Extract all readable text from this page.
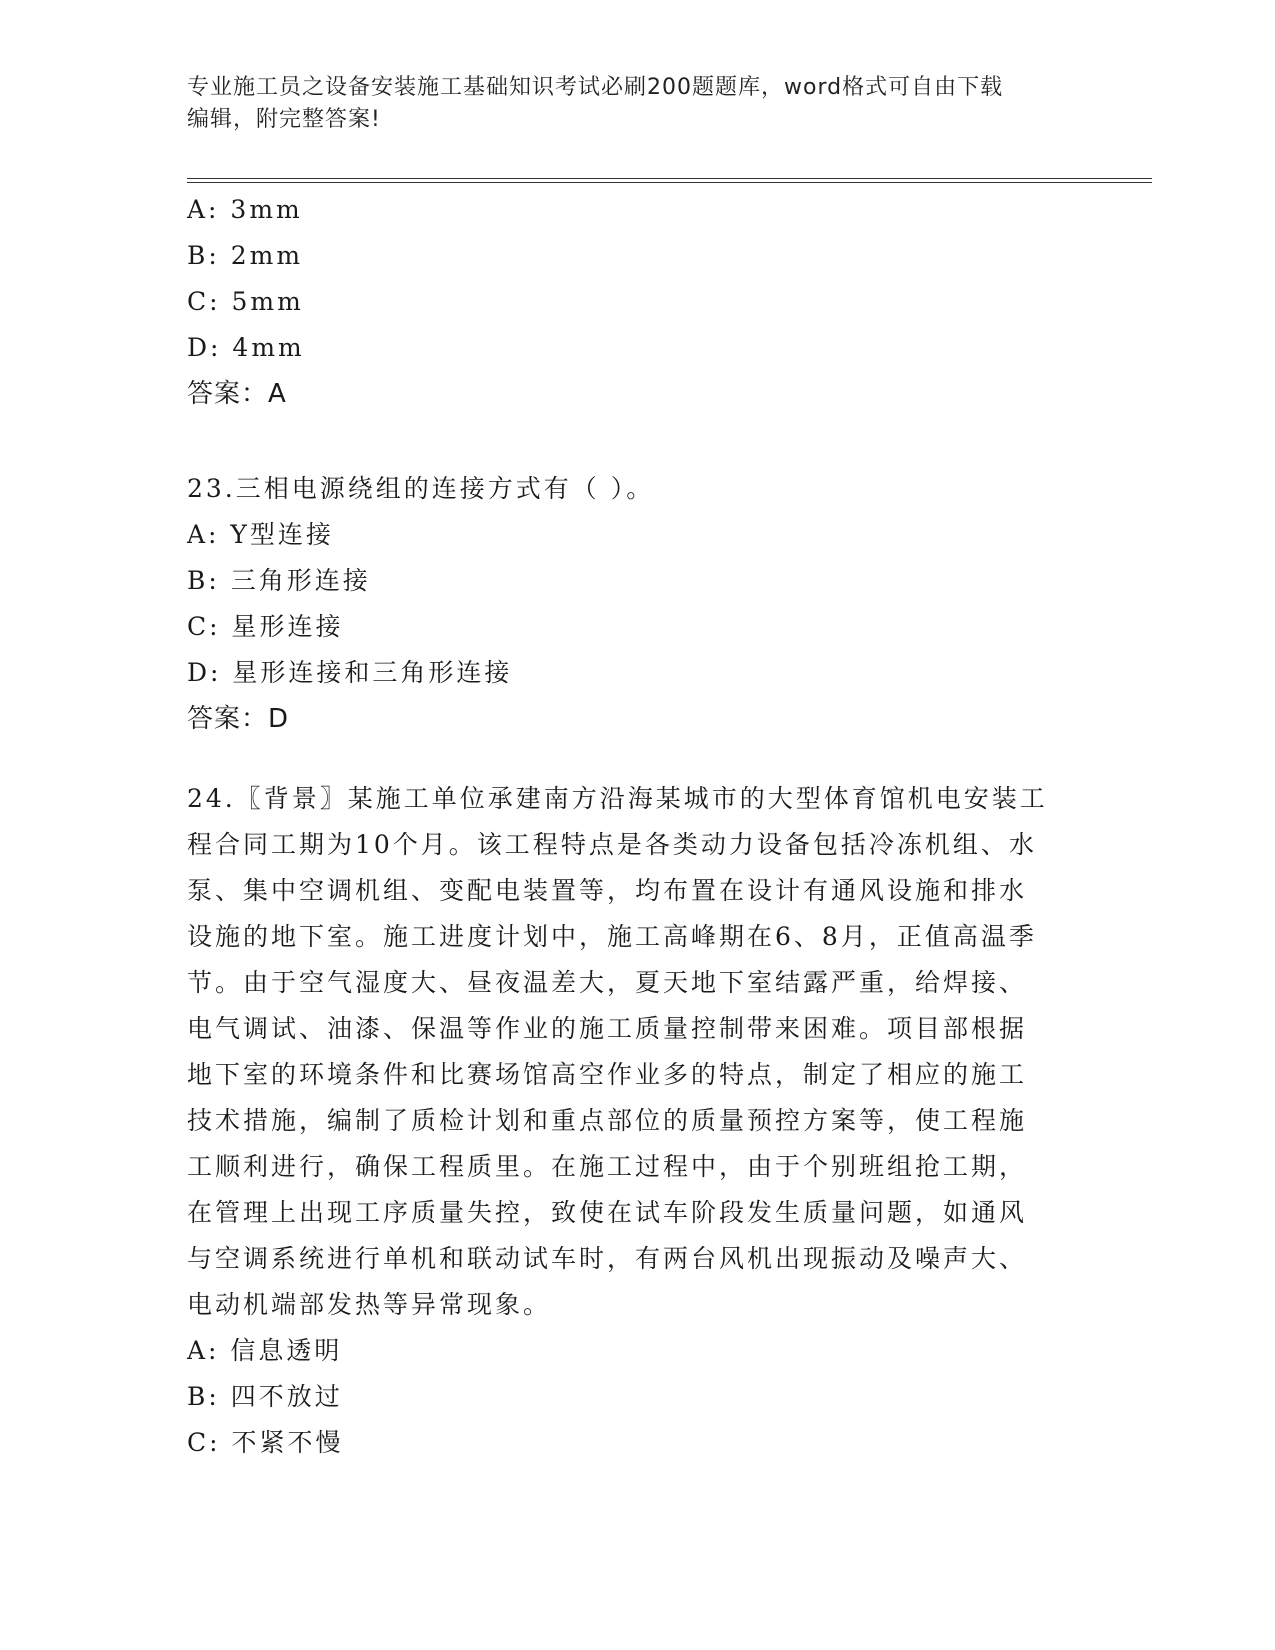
专业施工员之设备安装施工基础知识考试必刷200题题库，word格式可自由下载
编辑，附完整答案!
A: 3mm
B: 2mm
C: 5mm
D: 4mm
答案：A
23.三相电源绕组的连接方式有（ ）。
A: Y型连接
B: 三角形连接
C: 星形连接
D: 星形连接和三角形连接
答案：D
24.〖背景〗某施工单位承建南方沿海某城市的大型体育馆机电安装工
程合同工期为10个月。该工程特点是各类动力设备包括冷冻机组、水
泵、集中空调机组、变配电装置等，均布置在设计有通风设施和排水
设施的地下室。施工进度计划中，施工高峰期在6、8月，正值高温季
节。由于空气湿度大、昼夜温差大，夏天地下室结露严重，给焊接、
电气调试、油漆、保温等作业的施工质量控制带来困难。项目部根据
地下室的环境条件和比赛场馆高空作业多的特点，制定了相应的施工
技术措施，编制了质检计划和重点部位的质量预控方案等，使工程施
工顺利进行，确保工程质里。在施工过程中，由于个别班组抢工期，
在管理上出现工序质量失控，致使在试车阶段发生质量问题，如通风
与空调系统进行单机和联动试车时，有两台风机出现振动及噪声大、
电动机端部发热等异常现象。
A: 信息透明
B: 四不放过
C: 不紧不慢
